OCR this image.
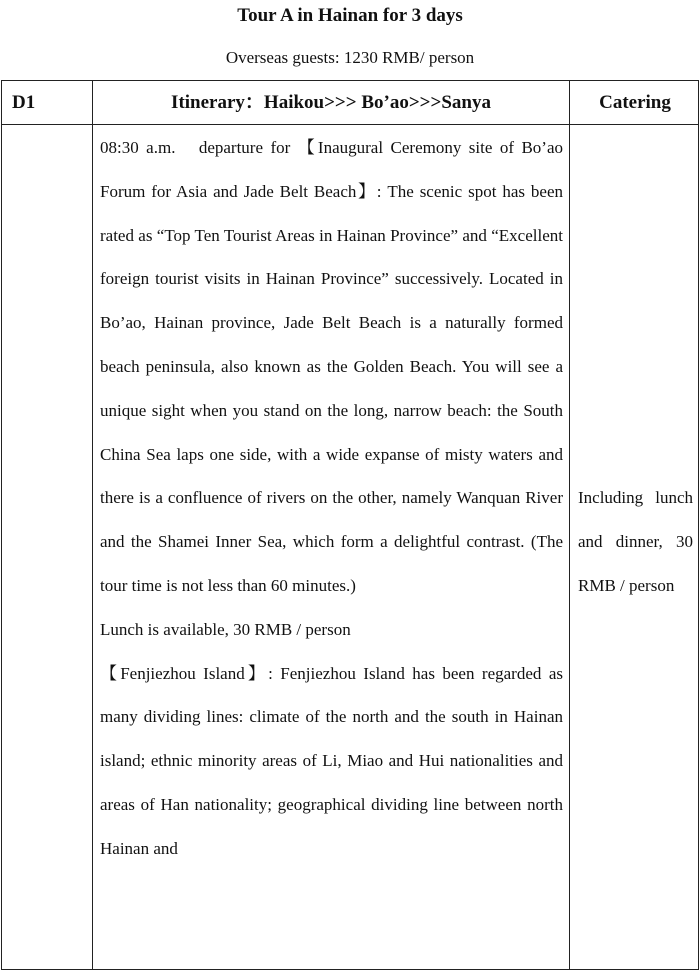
Tour A in Hainan for 3 days
Overseas guests: 1230 RMB/ person
D1	Itinerary：Haikou>>> Bo’ao>>>Sanya	Catering

08:30 a.m.　departure for 【Inaugural Ceremony site of Bo’ao Forum for Asia and Jade Belt Beach】: The scenic spot has been rated as “Top Ten Tourist Areas in Hainan Province” and “Excellent foreign tourist visits in Hainan Province” successively. Located in Bo’ao, Hainan province, Jade Belt Beach is a naturally formed beach peninsula, also known as the Golden Beach. You will see a unique sight when you stand on the long, narrow beach: the South China Sea laps one side, with a wide expanse of misty waters and there is a confluence of rivers on the other, namely Wanquan River and the Shamei Inner Sea, which form a delightful contrast. (The tour time is not less than 60 minutes.)

Lunch is available, 30 RMB / person

【Fenjiezhou Island】: Fenjiezhou Island has been regarded as many dividing lines: climate of the north and the south in Hainan island; ethnic minority areas of Li, Miao and Hui nationalities and areas of Han nationality; geographical dividing line between north Hainan and

Including lunch and dinner, 30 RMB / person
